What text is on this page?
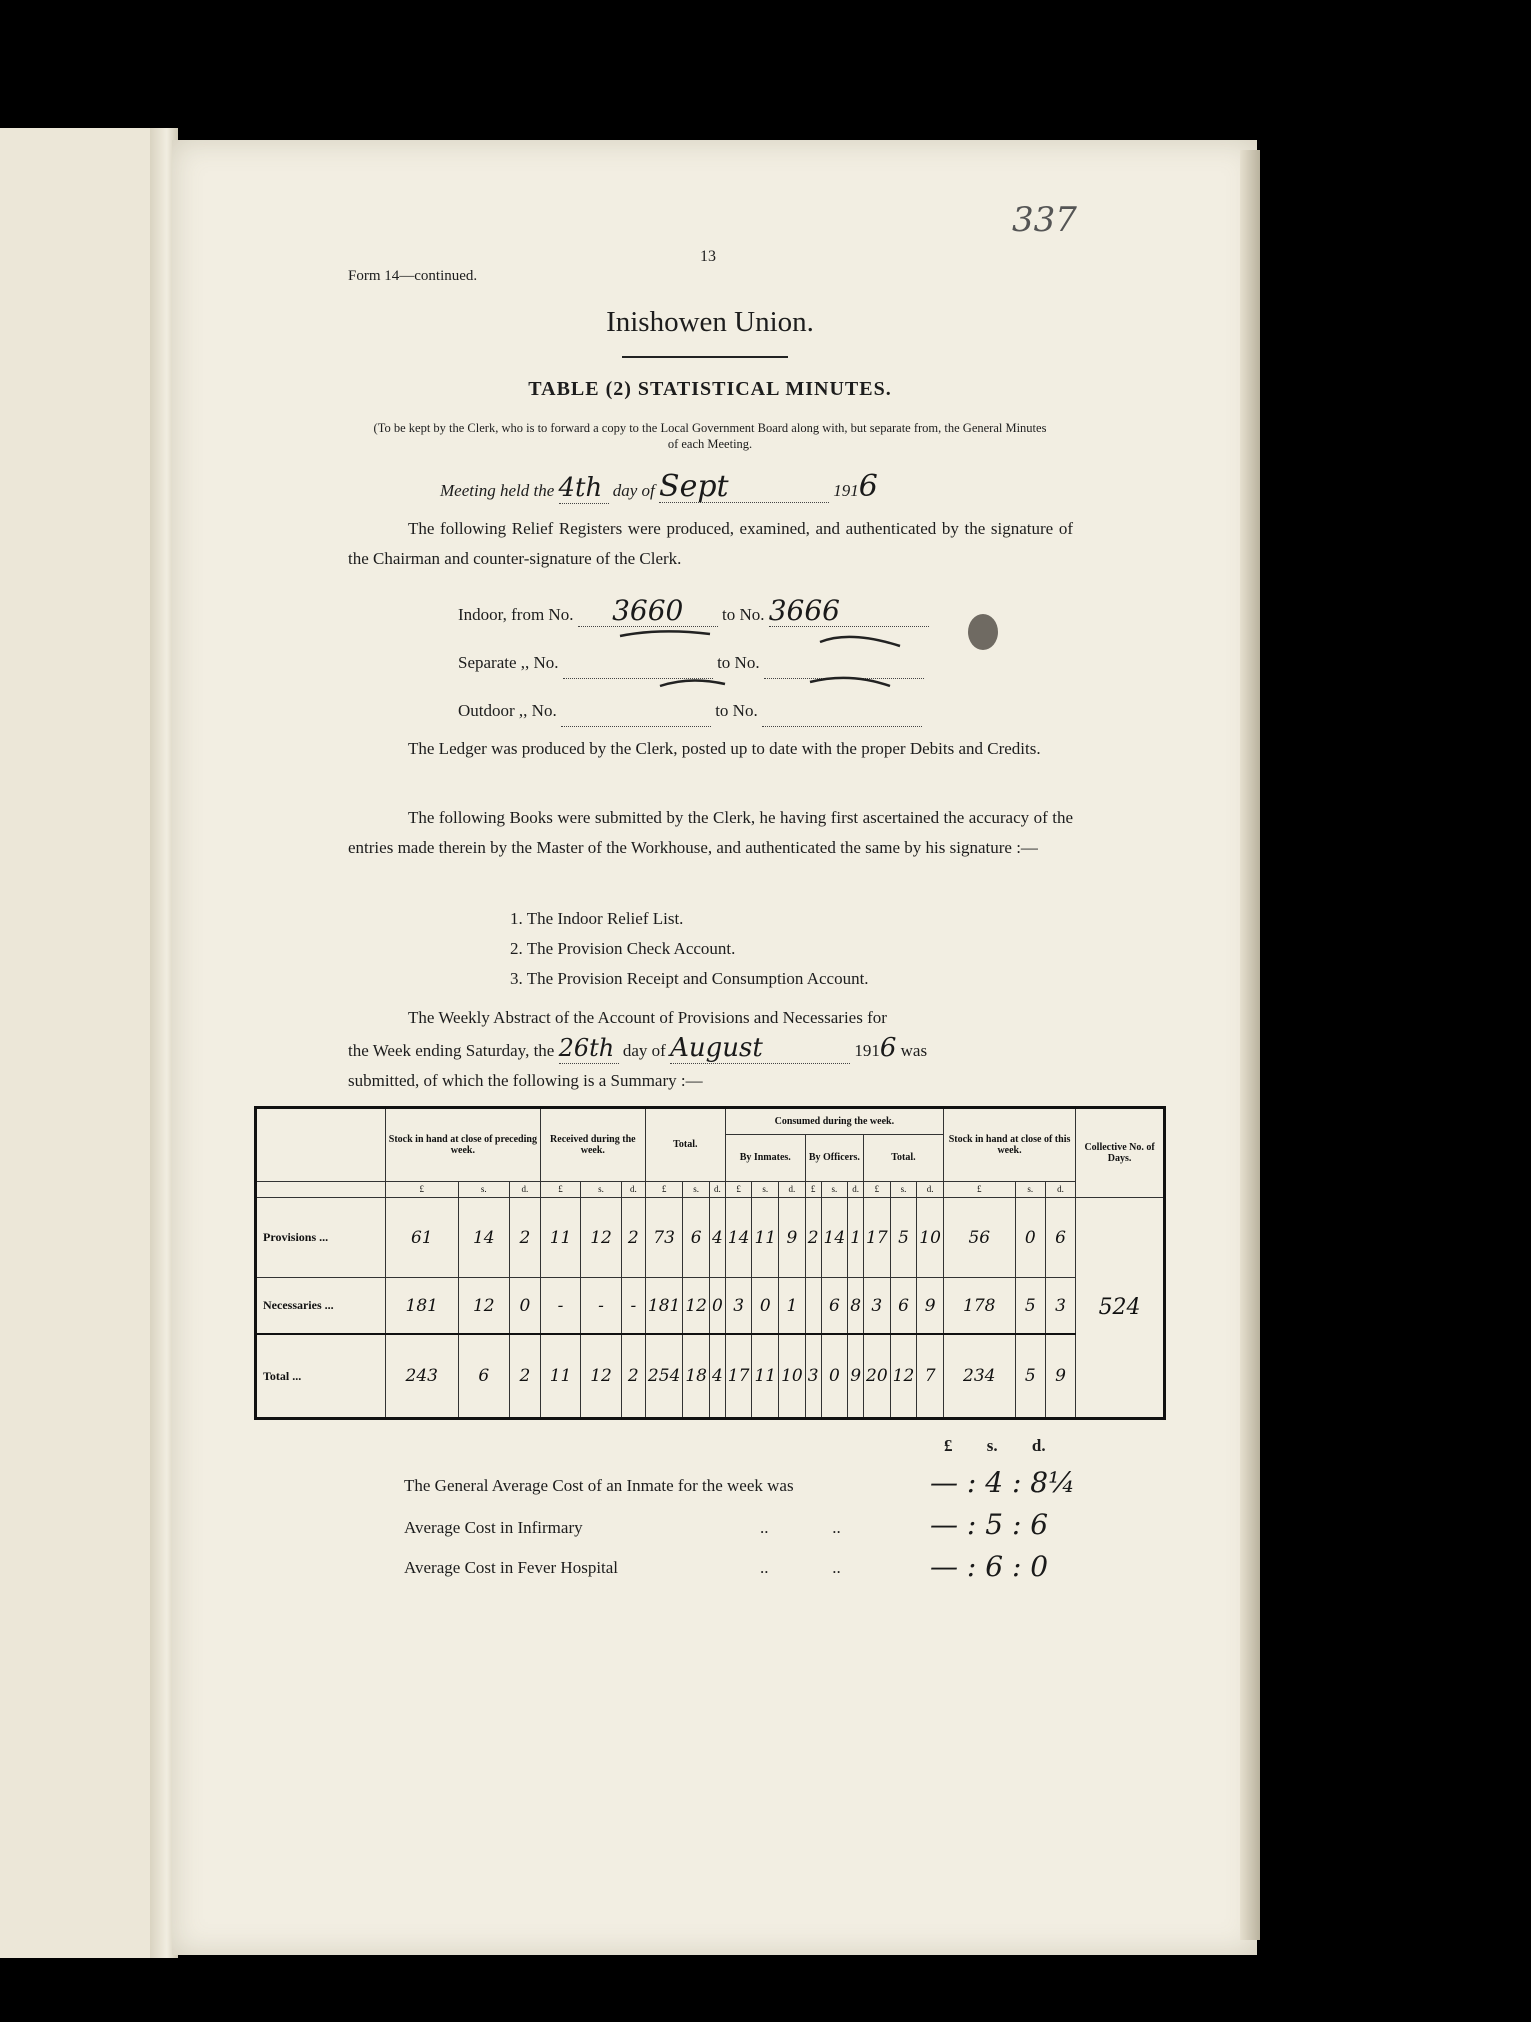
337
13
Form 14—continued.
Inishowen Union.
TABLE (2) STATISTICAL MINUTES.
(To be kept by the Clerk, who is to forward a copy to the Local Government Board along with, but separate from, the General Minutes of each Meeting.
Meeting held the 4th day of Sept	1916
The following Relief Registers were produced, examined, and authenticated by the signature of the Chairman and counter-signature of the Clerk.
Indoor, from No. 3660 to No. 3666
Separate ,, No.	to No.
Outdoor ,, No.	to No.
The Ledger was produced by the Clerk, posted up to date with the proper Debits and Credits.
The following Books were submitted by the Clerk, he having first ascertained the accuracy of the entries made therein by the Master of the Workhouse, and authenticated the same by his signature :—
1. The Indoor Relief List.
2. The Provision Check Account.
3. The Provision Receipt and Consumption Account.
The Weekly Abstract of the Account of Provisions and Necessaries for
the Week ending Saturday, the 26th day of August	1916 was
submitted, of which the following is a Summary :—
	Stock in hand at close of preceding week.			Received during the week.			Total.			Consumed during the week.									Stock in hand at close of this week.			Collective No. of Days.
										By Inmates.			By Officers.			Total.						
	£	s.	d.	£	s.	d.	£	s.	d.	£	s.	d.	£	s.	d.	£	s.	d.	£	s.	d.	
Provisions ...	61	14	2	11	12	2	73	6	4	14	11	9	2	14	1	17	5	10	56	0	6	524
Necessaries ...	181	12	0	-	-	-	181	12	0	3	0	1		6	8	3	6	9	178	5	3	
Total ...	243	6	2	11	12	2	254	18	4	17	11	10	3	0	9	20	12	7	234	5	9	
£ s. d.
The General Average Cost of an Inmate for the week was	— : 4 : 8¼
Average Cost in Infirmary	..               ..	— : 5 : 6
Average Cost in Fever Hospital	..               ..	— : 6 : 0
